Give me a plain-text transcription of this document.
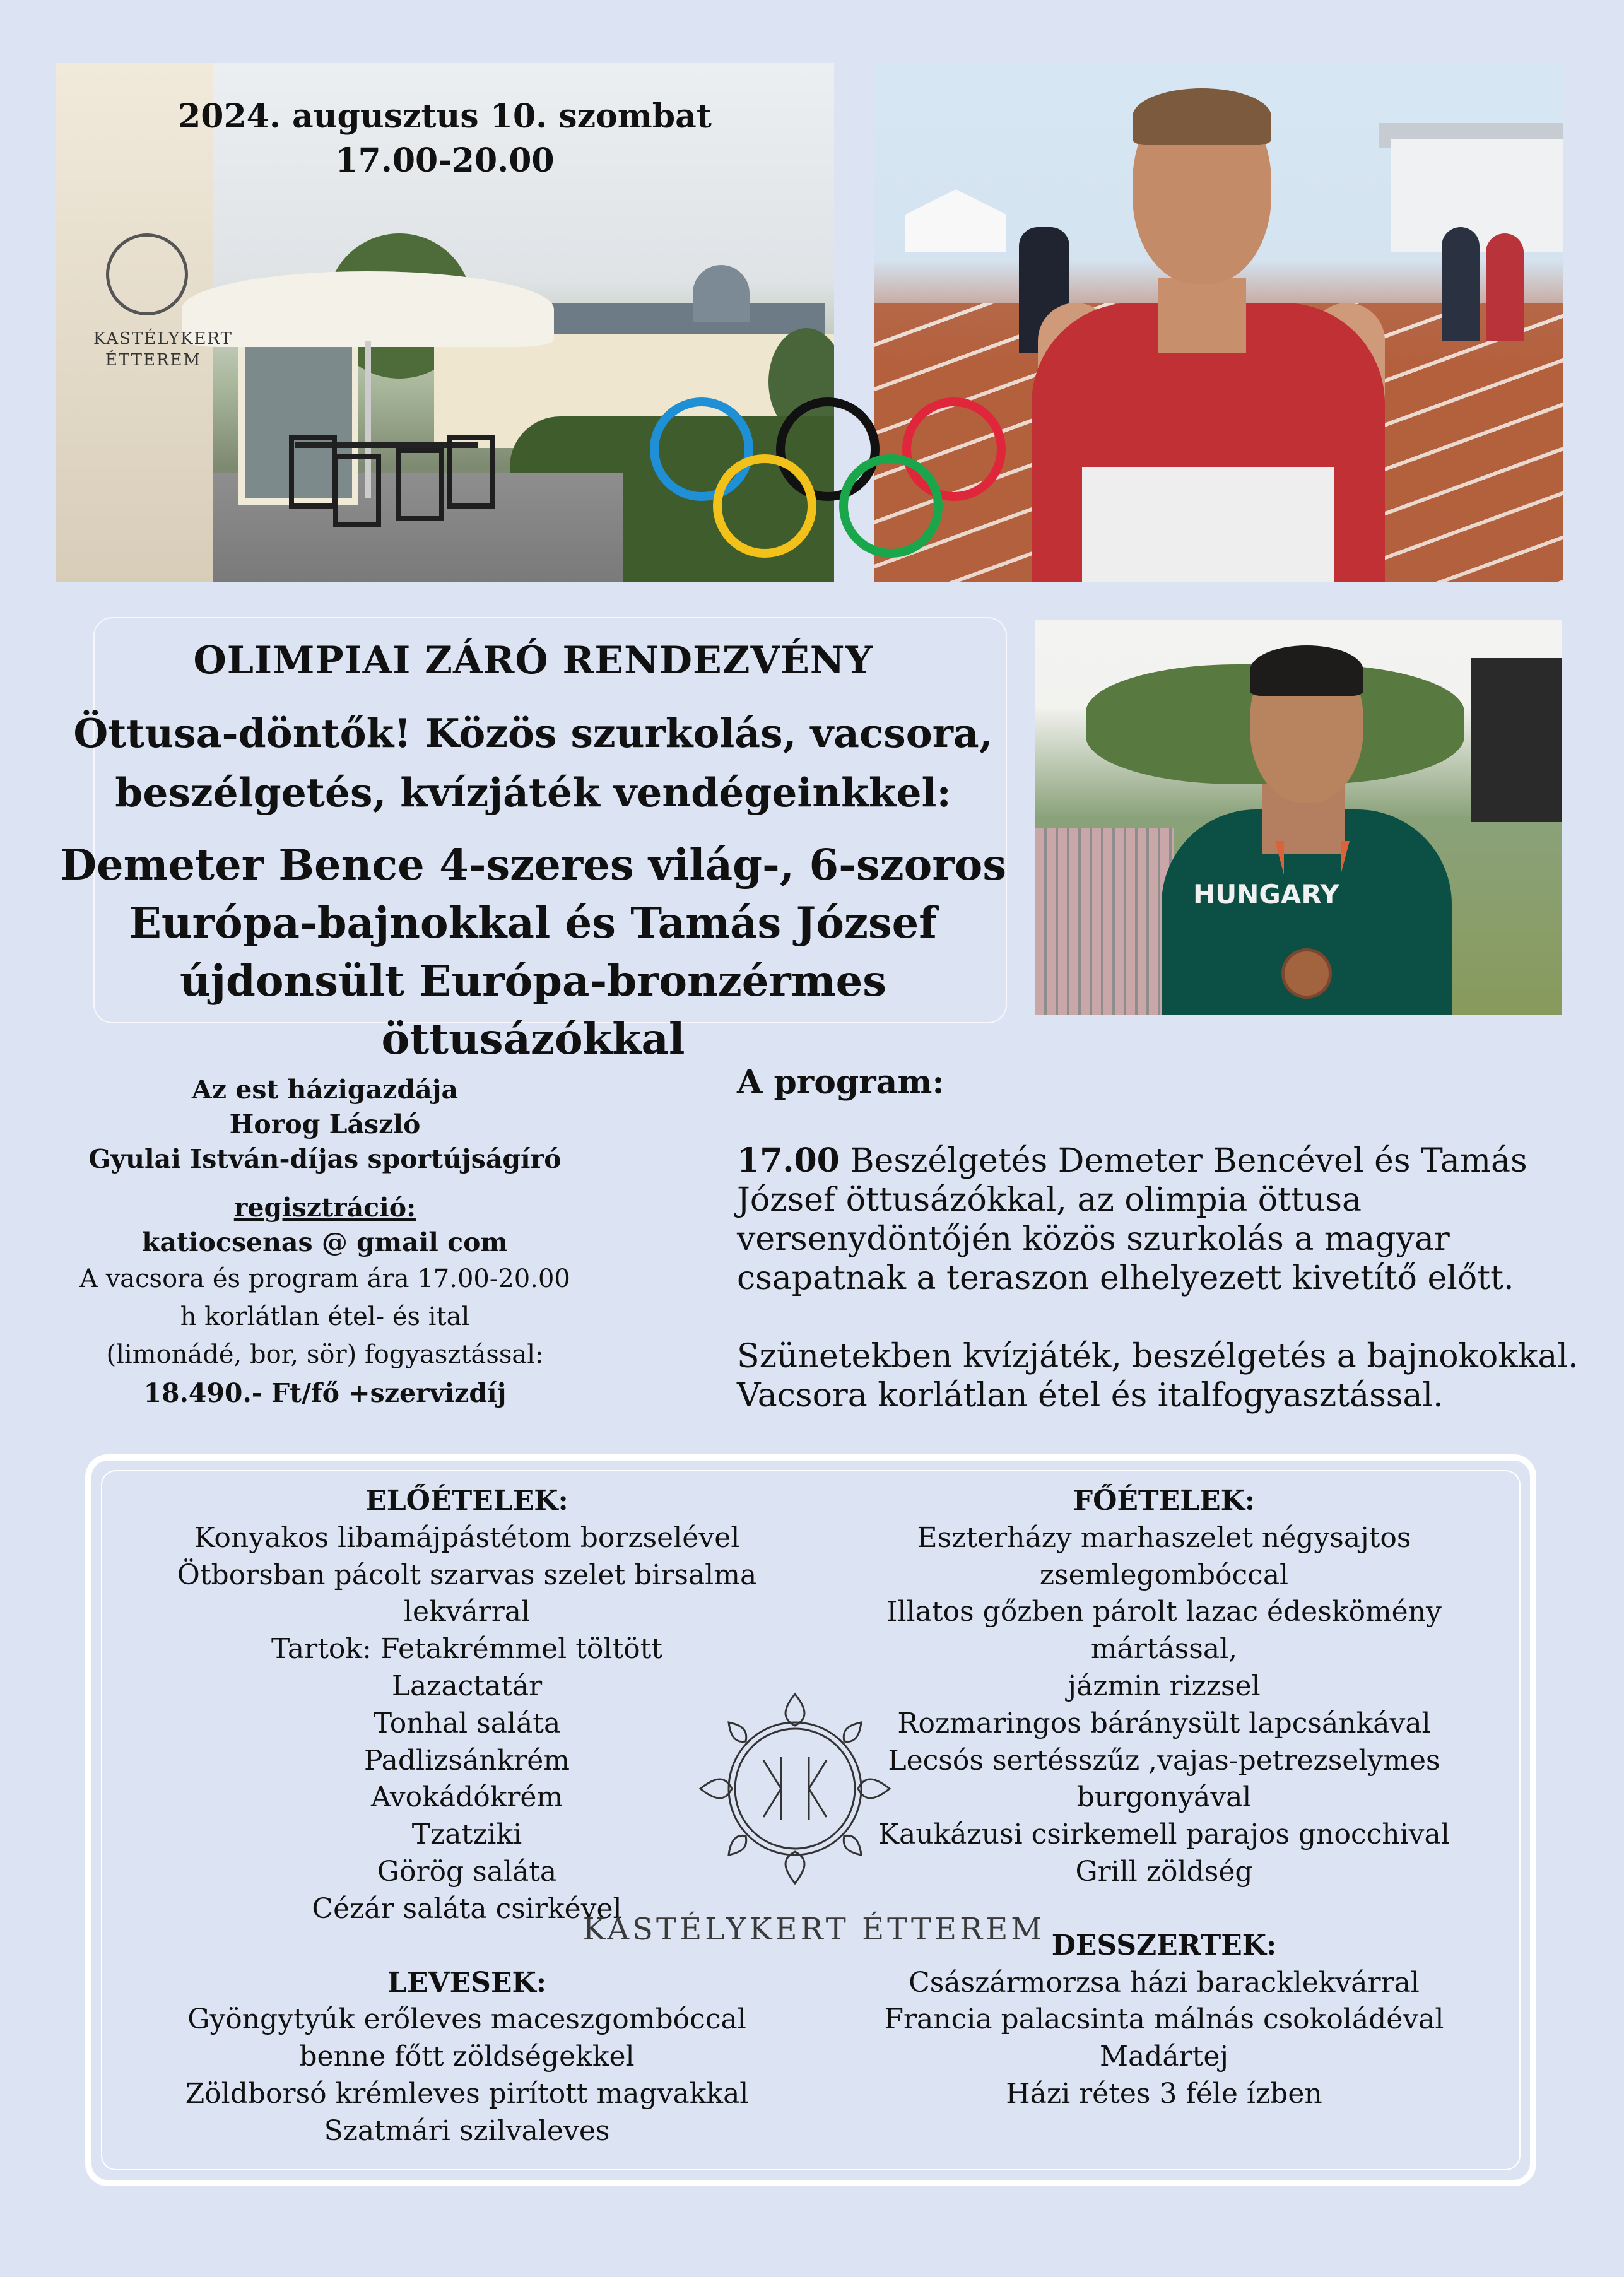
KASTÉLYKERT
ÉTTEREM
2024. augusztus 10. szombat
17.00-20.00
HUNGARY
OLIMPIAI ZÁRÓ RENDEZVÉNY
Öttusa-döntők! Közös szurkolás, vacsora,
beszélgetés, kvízjáték vendégeinkkel:
Demeter Bence 4-szeres világ-, 6-szoros
Európa-bajnokkal és Tamás József
újdonsült Európa-bronzérmes öttusázókkal
Az est házigazdája
Horog László
Gyulai István-díjas sportújságíró
regisztráció:
katiocsenas @ gmail com
A vacsora és program ára 17.00-20.00
h korlátlan étel- és ital
(limonádé, bor, sör) fogyasztással:
18.490.- Ft/fő +szervizdíj
A program:
17.00 Beszélgetés Demeter Bencével és Tamás József öttusázókkal, az olimpia öttusa versenydöntőjén közös szurkolás a magyar csapatnak a teraszon elhelyezett kivetítő előtt.
Szünetekben kvízjáték, beszélgetés a bajnokokkal. Vacsora korlátlan étel és italfogyasztással.
ELŐÉTELEK:
Konyakos libamájpástétom borzselével
Ötborsban pácolt szarvas szelet birsalma
lekvárral
Tartok: Fetakrémmel töltött
Lazactatár
Tonhal saláta
Padlizsánkrém
Avokádókrém
Tzatziki
Görög saláta
Cézár saláta csirkével
LEVESEK:
Gyöngytyúk erőleves maceszgombóccal
benne főtt zöldségekkel
Zöldborsó krémleves pirított magvakkal
Szatmári szilvaleves
FŐÉTELEK:
Eszterházy marhaszelet négysajtos
zsemlegombóccal
Illatos gőzben párolt lazac édeskömény
mártással,
jázmin rizzsel
Rozmaringos báránysült lapcsánkával
Lecsós sertésszűz ,vajas-petrezselymes
burgonyával
Kaukázusi csirkemell parajos gnocchival
Grill zöldség
DESSZERTEK:
Császármorzsa házi baracklekvárral
Francia palacsinta málnás csokoládéval
Madártej
Házi rétes 3 féle ízben
KASTÉLYKERT ÉTTEREM
